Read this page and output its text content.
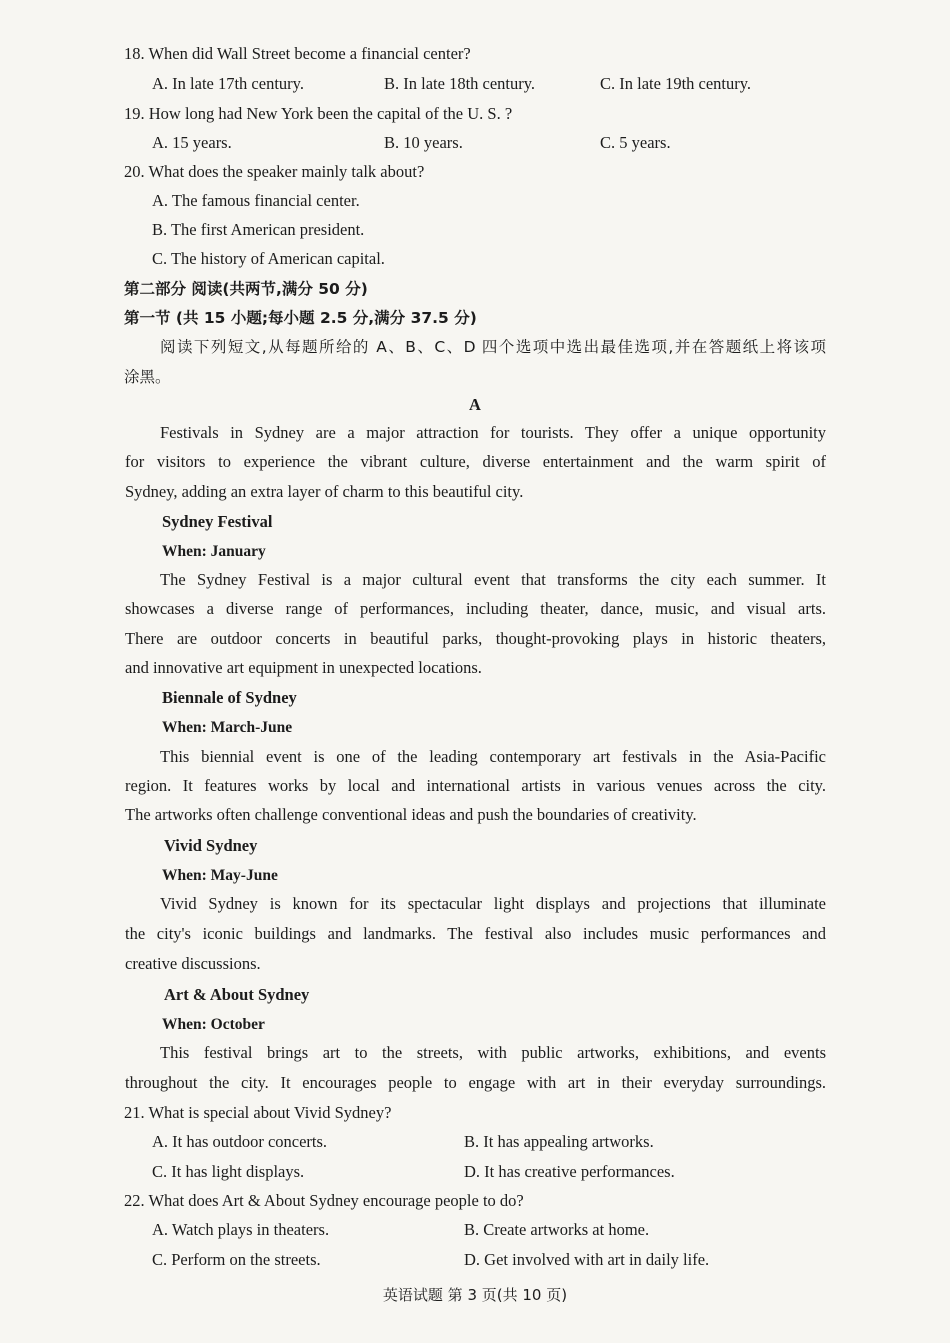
18. When did Wall Street become a financial center?
A. In late 17th century.	B. In late 18th century.	C. In late 19th century.
19. How long had New York been the capital of the U. S. ?
A. 15 years.	B. 10 years.	C. 5 years.
20. What does the speaker mainly talk about?
A. The famous financial center.
B. The first American president.
C. The history of American capital.
第二部分 阅读(共两节,满分 50 分)
第一节 (共 15 小题;每小题 2.5 分,满分 37.5 分)
阅读下列短文,从每题所给的 A、B、C、D 四个选项中选出最佳选项,并在答题纸上将该项
涂黑。
A
Festivals in Sydney are a major attraction for tourists. They offer a unique opportunity
for visitors to experience the vibrant culture, diverse entertainment and the warm spirit of
Sydney, adding an extra layer of charm to this beautiful city.
Sydney Festival
When: January
The Sydney Festival is a major cultural event that transforms the city each summer. It
showcases a diverse range of performances, including theater, dance, music, and visual arts.
There are outdoor concerts in beautiful parks, thought-provoking plays in historic theaters,
and innovative art equipment in unexpected locations.
Biennale of Sydney
When: March-June
This biennial event is one of the leading contemporary art festivals in the Asia-Pacific
region. It features works by local and international artists in various venues across the city.
The artworks often challenge conventional ideas and push the boundaries of creativity.
Vivid Sydney
When: May-June
Vivid Sydney is known for its spectacular light displays and projections that illuminate
the city's iconic buildings and landmarks. The festival also includes music performances and
creative discussions.
Art & About Sydney
When: October
This festival brings art to the streets, with public artworks, exhibitions, and events
throughout the city. It encourages people to engage with art in their everyday surroundings.
21. What is special about Vivid Sydney?
A. It has outdoor concerts.	B. It has appealing artworks.
C. It has light displays.	D. It has creative performances.
22. What does Art & About Sydney encourage people to do?
A. Watch plays in theaters.	B. Create artworks at home.
C. Perform on the streets.	D. Get involved with art in daily life.
英语试题 第 3 页(共 10 页)
